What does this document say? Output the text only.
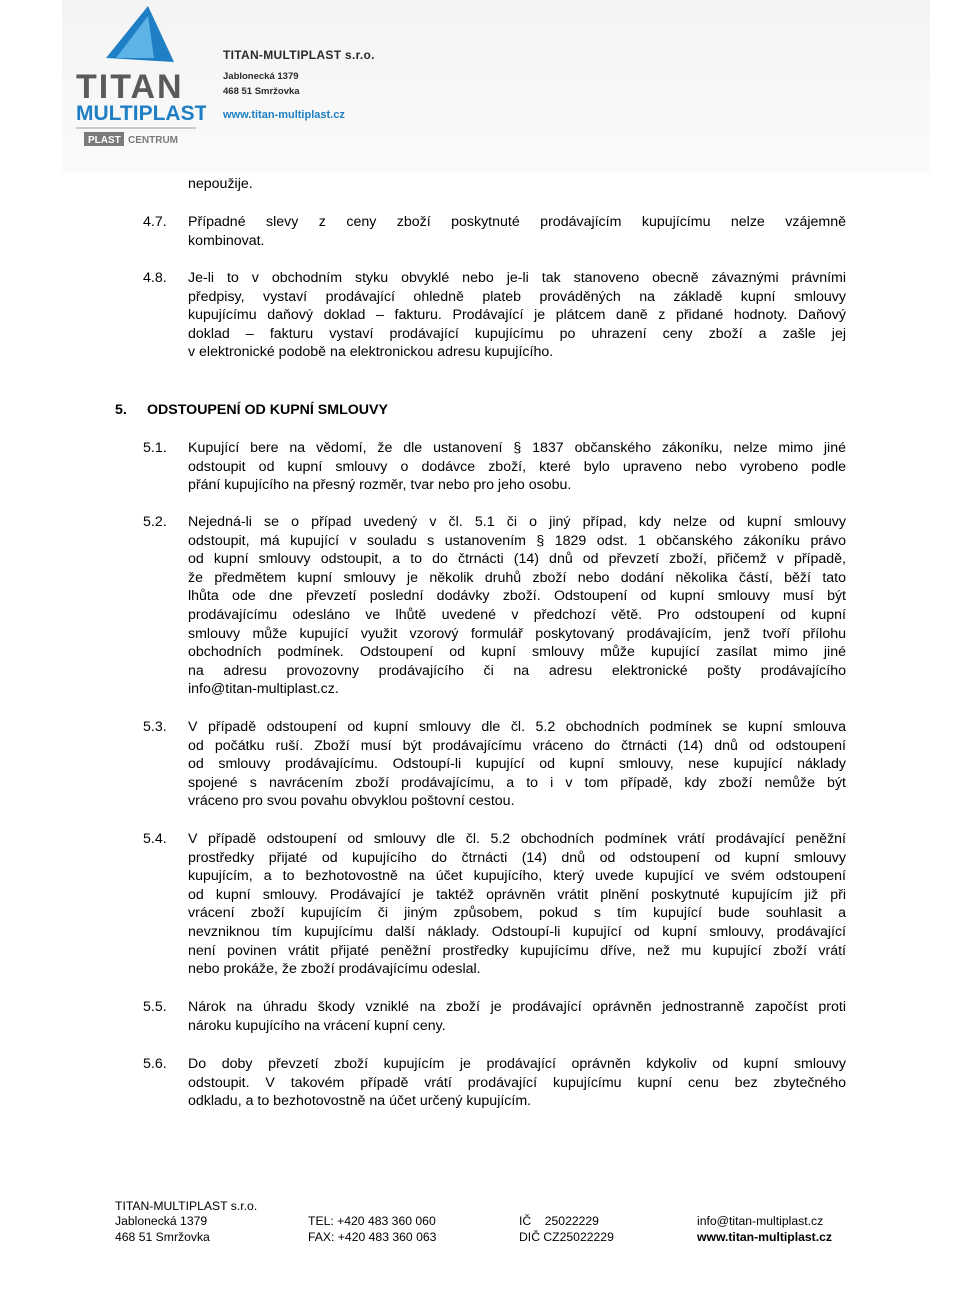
TITAN
MULTIPLAST
PLAST CENTRUM
TITAN-MULTIPLAST s.r.o.
Jablonecká 1379
468 51 Smržovka
www.titan-multiplast.cz
nepoužije.
4.7. Případné slevy z ceny zboží poskytnuté prodávajícím kupujícímu nelze vzájemně
kombinovat.
4.8. Je-li to v obchodním styku obvyklé nebo je-li tak stanoveno obecně závaznými právními
předpisy, vystaví prodávající ohledně plateb prováděných na základě kupní smlouvy
kupujícímu daňový doklad – fakturu. Prodávající je plátcem daně z přidané hodnoty. Daňový
doklad – fakturu vystaví prodávající kupujícímu po uhrazení ceny zboží a zašle jej
v elektronické podobě na elektronickou adresu kupujícího.
5. ODSTOUPENÍ OD KUPNÍ SMLOUVY
5.1. Kupující bere na vědomí, že dle ustanovení § 1837 občanského zákoníku, nelze mimo jiné
odstoupit od kupní smlouvy o dodávce zboží, které bylo upraveno nebo vyrobeno podle
přání kupujícího na přesný rozměr, tvar nebo pro jeho osobu.
5.2. Nejedná-li se o případ uvedený v čl. 5.1 či o jiný případ, kdy nelze od kupní smlouvy
odstoupit, má kupující v souladu s ustanovením § 1829 odst. 1 občanského zákoníku právo
od kupní smlouvy odstoupit, a to do čtrnácti (14) dnů od převzetí zboží, přičemž v případě,
že předmětem kupní smlouvy je několik druhů zboží nebo dodání několika částí, běží tato
lhůta ode dne převzetí poslední dodávky zboží. Odstoupení od kupní smlouvy musí být
prodávajícímu odesláno ve lhůtě uvedené v předchozí větě. Pro odstoupení od kupní
smlouvy může kupující využit vzorový formulář poskytovaný prodávajícím, jenž tvoří přílohu
obchodních podmínek. Odstoupení od kupní smlouvy může kupující zasílat mimo jiné
na adresu provozovny prodávajícího či na adresu elektronické pošty prodávajícího
info@titan-multiplast.cz.
5.3. V případě odstoupení od kupní smlouvy dle čl. 5.2 obchodních podmínek se kupní smlouva
od počátku ruší. Zboží musí být prodávajícímu vráceno do čtrnácti (14) dnů od odstoupení
od smlouvy prodávajícímu. Odstoupí-li kupující od kupní smlouvy, nese kupující náklady
spojené s navrácením zboží prodávajícímu, a to i v tom případě, kdy zboží nemůže být
vráceno pro svou povahu obvyklou poštovní cestou.
5.4. V případě odstoupení od smlouvy dle čl. 5.2 obchodních podmínek vrátí prodávající peněžní
prostředky přijaté od kupujícího do čtrnácti (14) dnů od odstoupení od kupní smlouvy
kupujícím, a to bezhotovostně na účet kupujícího, který uvede kupující ve svém odstoupení
od kupní smlouvy. Prodávající je taktéž oprávněn vrátit plnění poskytnuté kupujícím již při
vrácení zboží kupujícím či jiným způsobem, pokud s tím kupující bude souhlasit a
nevzniknou tím kupujícímu další náklady. Odstoupí-li kupující od kupní smlouvy, prodávající
není povinen vrátit přijaté peněžní prostředky kupujícímu dříve, než mu kupující zboží vrátí
nebo prokáže, že zboží prodávajícímu odeslal.
5.5. Nárok na úhradu škody vzniklé na zboží je prodávající oprávněn jednostranně započíst proti
nároku kupujícího na vrácení kupní ceny.
5.6. Do doby převzetí zboží kupujícím je prodávající oprávněn kdykoliv od kupní smlouvy
odstoupit. V takovém případě vrátí prodávající kupujícímu kupní cenu bez zbytečného
odkladu, a to bezhotovostně na účet určený kupujícím.
TITAN-MULTIPLAST s.r.o.
Jablonecká 1379
468 51 Smržovka
TEL: +420 483 360 060
FAX: +420 483 360 063
IČ    25022229
DIČ CZ25022229
info@titan-multiplast.cz
www.titan-multiplast.cz
